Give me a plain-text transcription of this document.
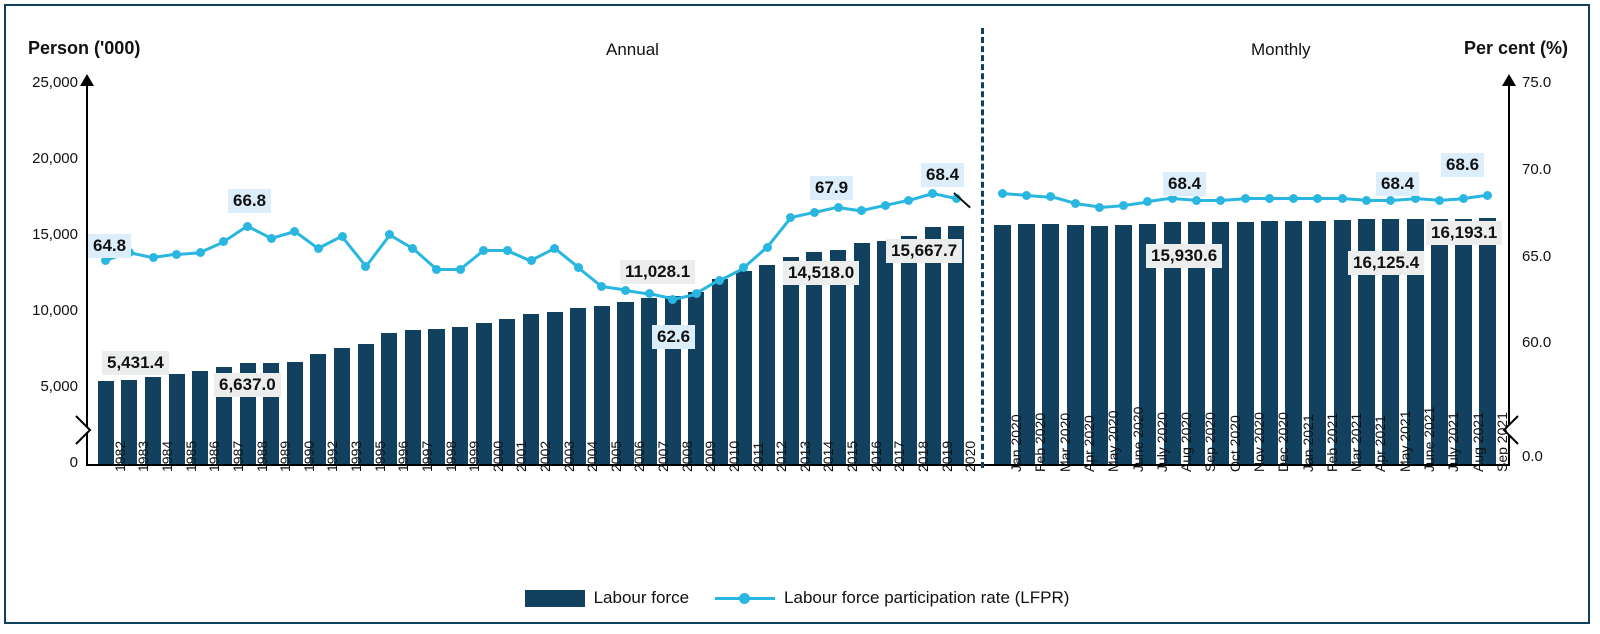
Person ('000)	Per cent (%)
Annual	Monthly
25,000
20,000
15,000
10,000
5,000
0
75.0
70.0
65.0
60.0
0.0
1982 1983 1984 1985 1986 1987 1988 1989 1990 1992 1993 1995 1996 1997 1998 1999 2000 2001 2002 2003 2004 2005 2006 2007 2008 2009 2010 2011 2012 2013 2014 2015 2016 2017 2018 2019 2020 Jan 2020 Feb 2020 Mar 2020 Apr 2020 May 2020 June 2020 July 2020 Aug 2020 Sep 2020 Oct 2020 Nov 2020 Dec 2020 Jan 2021 Feb 2021 Mar 2021 Apr 2021 May 2021 June 2021 July 2021 Aug 2021 Sep 2021
64.8
66.8
5,431.4
6,637.0
62.6
11,028.1
67.9
14,518.0
68.4
15,667.7
68.4
15,930.6
68.4
16,125.4
68.6
16,193.1
Labour force	Labour force participation rate (LFPR)
